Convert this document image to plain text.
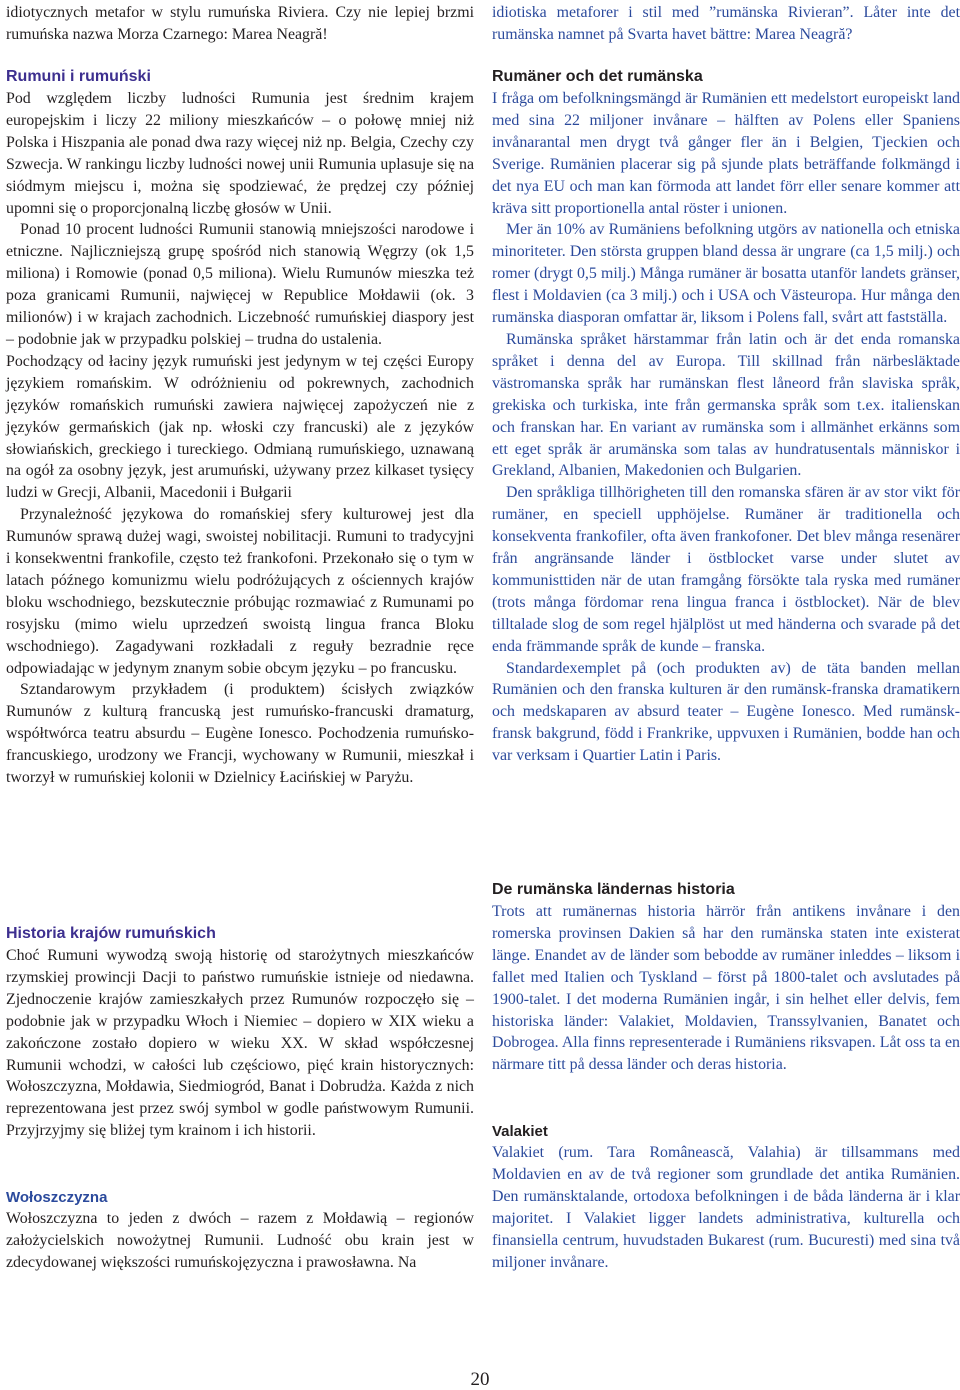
idiotycznych metafor w stylu rumuńska Riviera. Czy nie lepiej brzmi rumuńska nazwa Morza Czarnego: Marea Neagră!

Rumuni i rumuński

Pod względem liczby ludności Rumunia jest średnim krajem europejskim i liczy 22 miliony mieszkańców – o połowę mniej niż Polska i Hiszpania ale ponad dwa razy więcej niż np. Belgia, Czechy czy Szwecja. W rankingu liczby ludności nowej unii Rumunia uplasuje się na siódmym miejscu i, można się spodziewać, że prędzej czy później upomni się o proporcjonalną liczbę głosów w Unii.

Ponad 10 procent ludności Rumunii stanowią mniejszości narodowe i etniczne. Najliczniejszą grupę spośród nich stanowią Węgrzy (ok 1,5 miliona) i Romowie (ponad 0,5 miliona). Wielu Rumunów mieszka też poza granicami Rumunii, najwięcej w Republice Mołdawii (ok. 3 milionów) i w krajach zachodnich. Liczebność rumuńskiej diaspory jest – podobnie jak w przypadku polskiej – trudna do ustalenia.

Pochodzący od łaciny język rumuński jest jedynym w tej części Europy językiem romańskim. W odróżnieniu od pokrewnych, zachodnich języków romańskich rumuński zawiera najwięcej zapożyczeń nie z języków germańskich (jak np. włoski czy francuski) ale z języków słowiańskich, greckiego i tureckiego. Odmianą rumuńskiego, uznawaną na ogół za osobny język, jest arumuński, używany przez kilkaset tysięcy ludzi w Grecji, Albanii, Macedonii i Bułgarii

Przynależność językowa do romańskiej sfery kulturowej jest dla Rumunów sprawą dużej wagi, swoistej nobilitacji. Rumuni to tradycyjni i konsekwentni frankofile, często też frankofoni. Przekonało się o tym w latach późnego komunizmu wielu podróżujących z ościennych krajów bloku wschodniego, bezskutecznie próbując rozmawiać z Rumunami po rosyjsku (mimo wielu uprzedzeń swoistą lingua franca Bloku wschodniego). Zagadywani rozkładali z reguły bezradnie ręce odpowiadając w jedynym znanym sobie obcym języku – po francusku.

Sztandarowym przykładem (i produktem) ścisłych związków Rumunów z kulturą francuską jest rumuńsko-francuski dramaturg, współtwórca teatru absurdu – Eugène Ionesco. Pochodzenia rumuńsko-francuskiego, urodzony we Francji, wychowany w Rumunii, mieszkał i tworzył w rumuńskiej kolonii w Dzielnicy Łacińskiej w Paryżu.

Historia krajów rumuńskich

Choć Rumuni wywodzą swoją historię od starożytnych mieszkańców rzymskiej prowincji Dacji to państwo rumuńskie istnieje od niedawna. Zjednoczenie krajów zamieszkałych przez Rumunów rozpoczęło się – podobnie jak w przypadku Włoch i Niemiec – dopiero w XIX wieku a zakończone zostało dopiero w wieku XX. W skład współczesnej Rumunii wchodzi, w całości lub częściowo, pięć krain historycznych: Wołoszczyzna, Mołdawia, Siedmiogród, Banat i Dobrudża. Każda z nich reprezentowana jest przez swój symbol w godle państwowym Rumunii. Przyjrzyjmy się bliżej tym krainom i ich historii.

Wołoszczyzna

Wołoszczyzna to jeden z dwóch – razem z Mołdawią – regionów założycielskich nowożytnej Rumunii. Ludność obu krain jest w zdecydowanej większości rumuńskojęzyczna i prawosławna. Na

idiotiska metaforer i stil med ”rumänska Rivieran”. Låter inte det rumänska namnet på Svarta havet bättre: Marea Neagră?

Rumäner och det rumänska

I fråga om befolkningsmängd är Rumänien ett medelstort europeiskt land med sina 22 miljoner invånare – hälften av Polens eller Spaniens invånarantal men drygt två gånger fler än i Belgien, Tjeckien och Sverige. Rumänien placerar sig på sjunde plats beträffande folkmängd i det nya EU och man kan förmoda att landet förr eller senare kommer att kräva sitt proportionella antal röster i unionen.

Mer än 10% av Rumäniens befolkning utgörs av nationella och etniska minoriteter. Den största gruppen bland dessa är ungrare (ca 1,5 milj.) och romer (drygt 0,5 milj.) Många rumäner är bosatta utanför landets gränser, flest i Moldavien (ca 3 milj.) och i USA och Västeuropa. Hur många den rumänska diasporan omfattar är, liksom i Polens fall, svårt att fastställa.

Rumänska språket härstammar från latin och är det enda romanska språket i denna del av Europa. Till skillnad från närbesläktade västromanska språk har rumänskan flest låneord från slaviska språk, grekiska och turkiska, inte från germanska språk som t.ex. italienskan och franskan har. En variant av rumänska som i allmänhet erkänns som ett eget språk är arumänska som talas av hundratusentals människor i Grekland, Albanien, Makedonien och Bulgarien.

Den språkliga tillhörigheten till den romanska sfären är av stor vikt för rumäner, en speciell upphöjelse. Rumäner är traditionella och konsekventa frankofiler, ofta även frankofoner. Det blev många resenärer från angränsande länder i östblocket varse under slutet av kommunisttiden när de utan framgång försökte tala ryska med rumäner (trots många fördomar rena lingua franca i östblocket). När de blev tilltalade slog de som regel hjälplöst ut med händerna och svarade på det enda främmande språk de kunde – franska.

Standardexemplet på (och produkten av) de täta banden mellan Rumänien och den franska kulturen är den rumänsk-franska dramatikern och medskaparen av absurd teater – Eugène Ionesco. Med rumänsk-fransk bakgrund, född i Frankrike, uppvuxen i Rumänien, bodde han och var verksam i Quartier Latin i Paris.

De rumänska ländernas historia

Trots att rumänernas historia härrör från antikens invånare i den romerska provinsen Dakien så har den rumänska staten inte existerat länge. Enandet av de länder som bebodde av rumäner inleddes – liksom i fallet med Italien och Tyskland – först på 1800-talet och avslutades på 1900-talet. I det moderna Rumänien ingår, i sin helhet eller delvis, fem historiska länder: Valakiet, Moldavien, Transsylvanien, Banatet och Dobrogea. Alla finns representerade i Rumäniens riksvapen. Låt oss ta en närmare titt på dessa länder och deras historia.

Valakiet

Valakiet (rum. Tara Românească, Valahia) är tillsammans med Moldavien en av de två regioner som grundlade det antika Rumänien. Den rumänsktalande, ortodoxa befolkningen i de båda länderna är i klar majoritet. I Valakiet ligger landets administrativa, kulturella och finansiella centrum, huvudstaden Bukarest (rum. Bucuresti) med sina två miljoner invånare.

20
